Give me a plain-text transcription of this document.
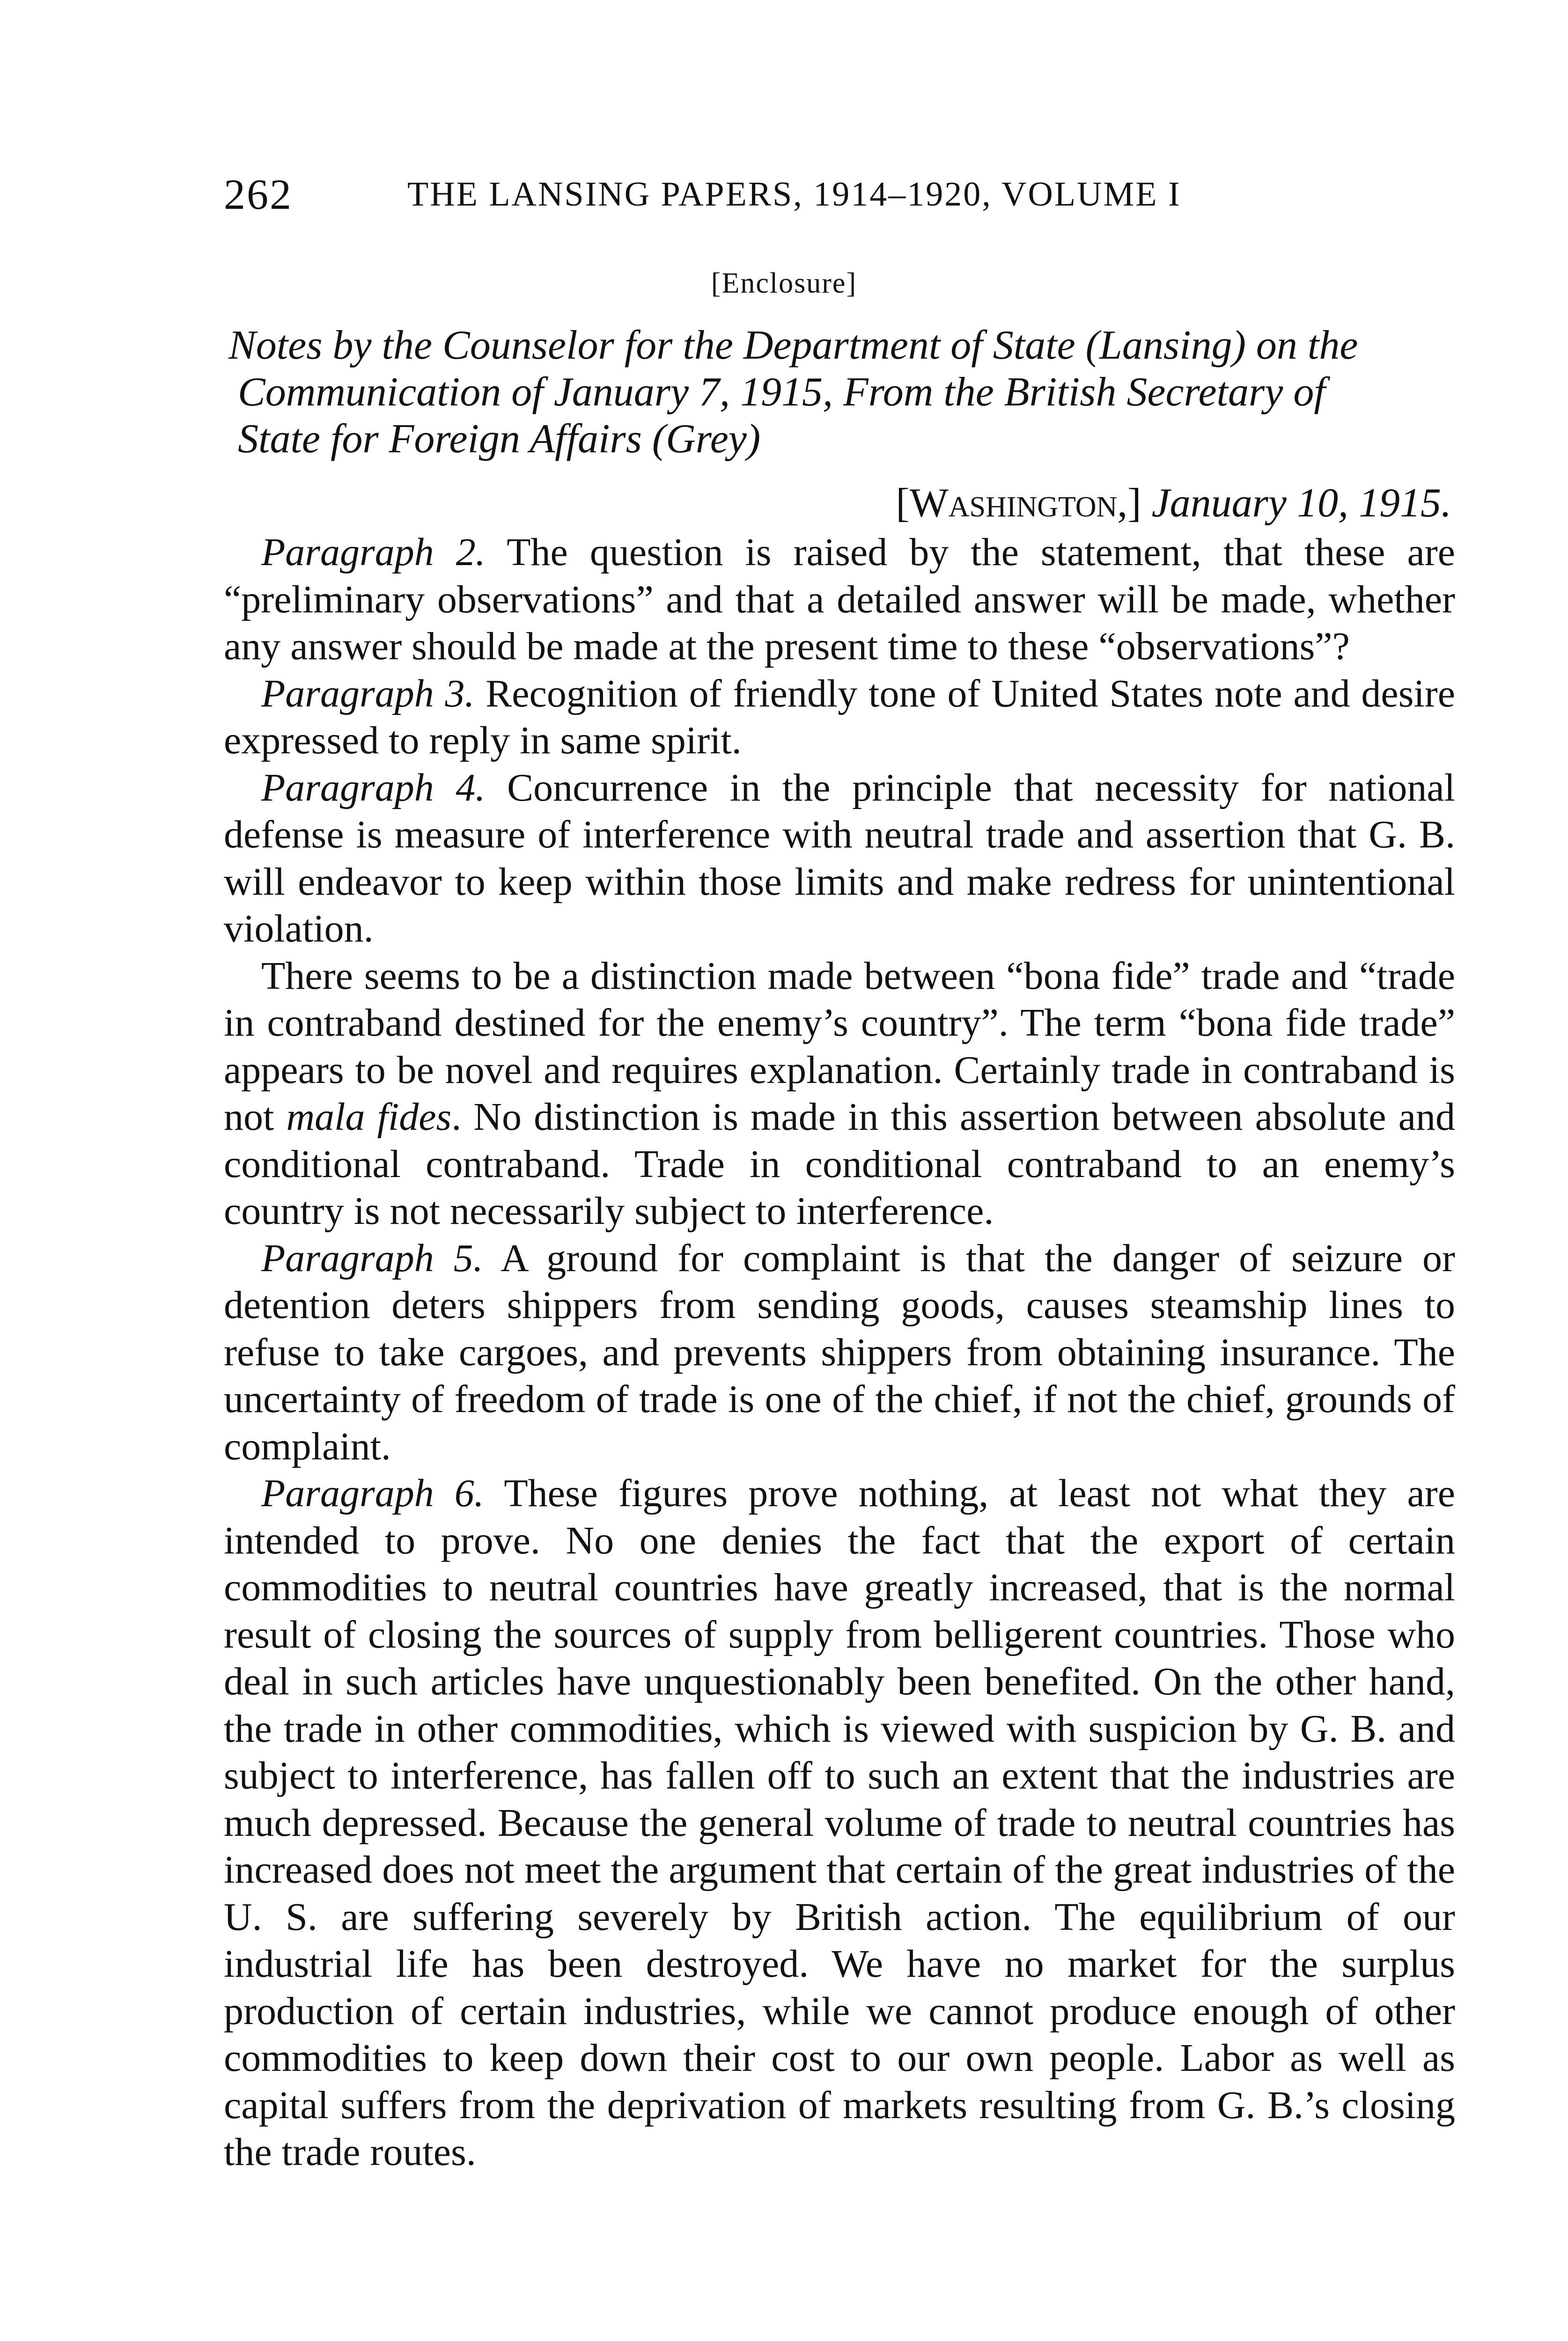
262	THE LANSING PAPERS, 1914–1920, VOLUME I
[Enclosure]
Notes by the Counselor for the Department of State (Lansing) on the
Communication of January 7, 1915, From the British Secretary of
State for Foreign Affairs (Grey)
[Washington,] January 10, 1915.

Paragraph 2. The question is raised by the statement, that these are “preliminary observations” and that a detailed answer will be made, whether any answer should be made at the present time to these “observations”?

Paragraph 3. Recognition of friendly tone of United States note and desire expressed to reply in same spirit.

Paragraph 4. Concurrence in the principle that necessity for national defense is measure of interference with neutral trade and assertion that G. B. will endeavor to keep within those limits and make redress for unintentional violation.

There seems to be a distinction made between “bona fide” trade and “trade in contraband destined for the enemy’s country”. The term “bona fide trade” appears to be novel and requires explanation. Certainly trade in contraband is not mala fides. No distinction is made in this assertion between absolute and conditional contraband. Trade in conditional contraband to an enemy’s country is not necessarily subject to interference.

Paragraph 5. A ground for complaint is that the danger of seizure or detention deters shippers from sending goods, causes steamship lines to refuse to take cargoes, and prevents shippers from obtaining insurance. The uncertainty of freedom of trade is one of the chief, if not the chief, grounds of complaint.

Paragraph 6. These figures prove nothing, at least not what they are intended to prove. No one denies the fact that the export of certain commodities to neutral countries have greatly increased, that is the normal result of closing the sources of supply from belligerent countries. Those who deal in such articles have unquestionably been benefited. On the other hand, the trade in other commodities, which is viewed with suspicion by G. B. and subject to interference, has fallen off to such an extent that the industries are much depressed. Because the general volume of trade to neutral countries has increased does not meet the argument that certain of the great industries of the U. S. are suffering severely by British action. The equilibrium of our industrial life has been destroyed. We have no market for the surplus production of certain industries, while we cannot produce enough of other commodities to keep down their cost to our own people. Labor as well as capital suffers from the deprivation of markets resulting from G. B.’s closing the trade routes.
